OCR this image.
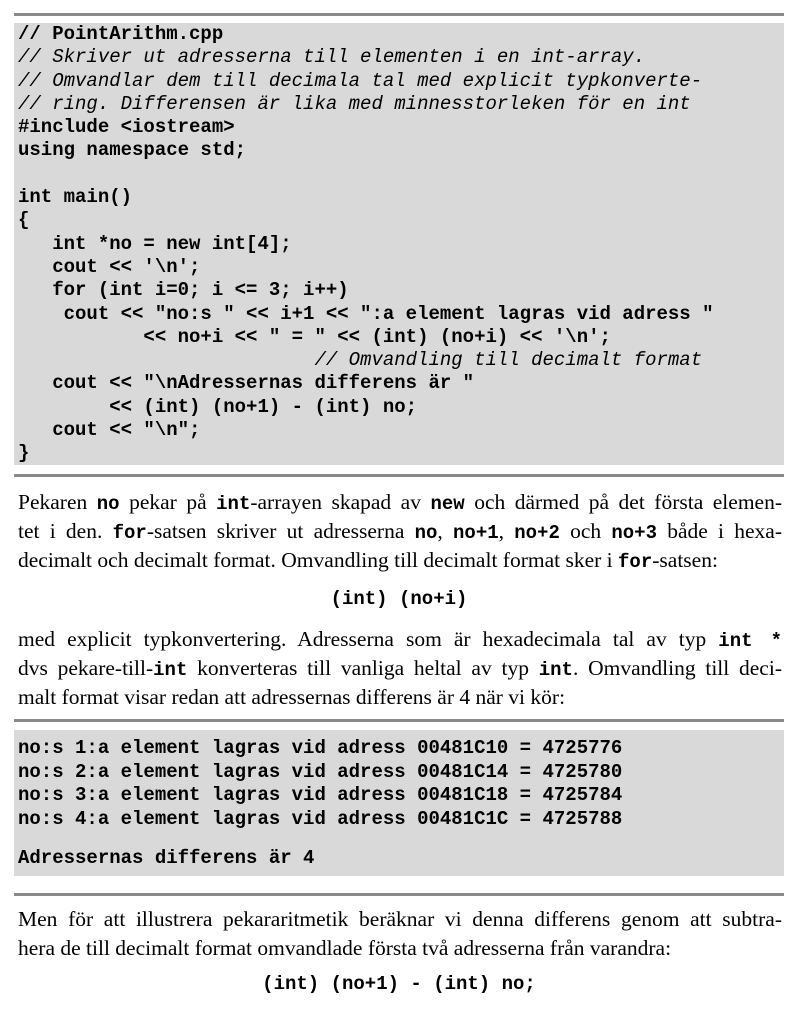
// PointArithm.cpp
// Skriver ut adresserna till elementen i en int-array.
// Omvandlar dem till decimala tal med explicit typkonverte-
// ring. Differensen är lika med minnesstorleken för en int
#include <iostream>
using namespace std;
int main()
{
int *no = new int[4];
cout << '\n';
for (int i=0; i <= 3; i++)
cout << "no:s " << i+1 << ":a element lagras vid adress "
<< no+i << " = " << (int) (no+i) << '\n';
// Omvandling till decimalt format
cout << "\nAdressernas differens är "
<< (int) (no+1) - (int) no;
cout << "\n";
}
Pekaren no pekar på int-arrayen skapad av new och därmed på det första elemen-
tet i den. for-satsen skriver ut adresserna no, no+1, no+2 och no+3 både i hexa-
decimalt och decimalt format. Omvandling till decimalt format sker i for-satsen:
(int) (no+i)
med explicit typkonvertering. Adresserna som är hexadecimala tal av typ int *
dvs pekare-till-int konverteras till vanliga heltal av typ int. Omvandling till deci-
malt format visar redan att adressernas differens är 4 när vi kör:
no:s 1:a element lagras vid adress 00481C10 = 4725776
no:s 2:a element lagras vid adress 00481C14 = 4725780
no:s 3:a element lagras vid adress 00481C18 = 4725784
no:s 4:a element lagras vid adress 00481C1C = 4725788
Adressernas differens är 4
Men för att illustrera pekararitmetik beräknar vi denna differens genom att subtra-
hera de till decimalt format omvandlade första två adresserna från varandra:
(int) (no+1) - (int) no;
